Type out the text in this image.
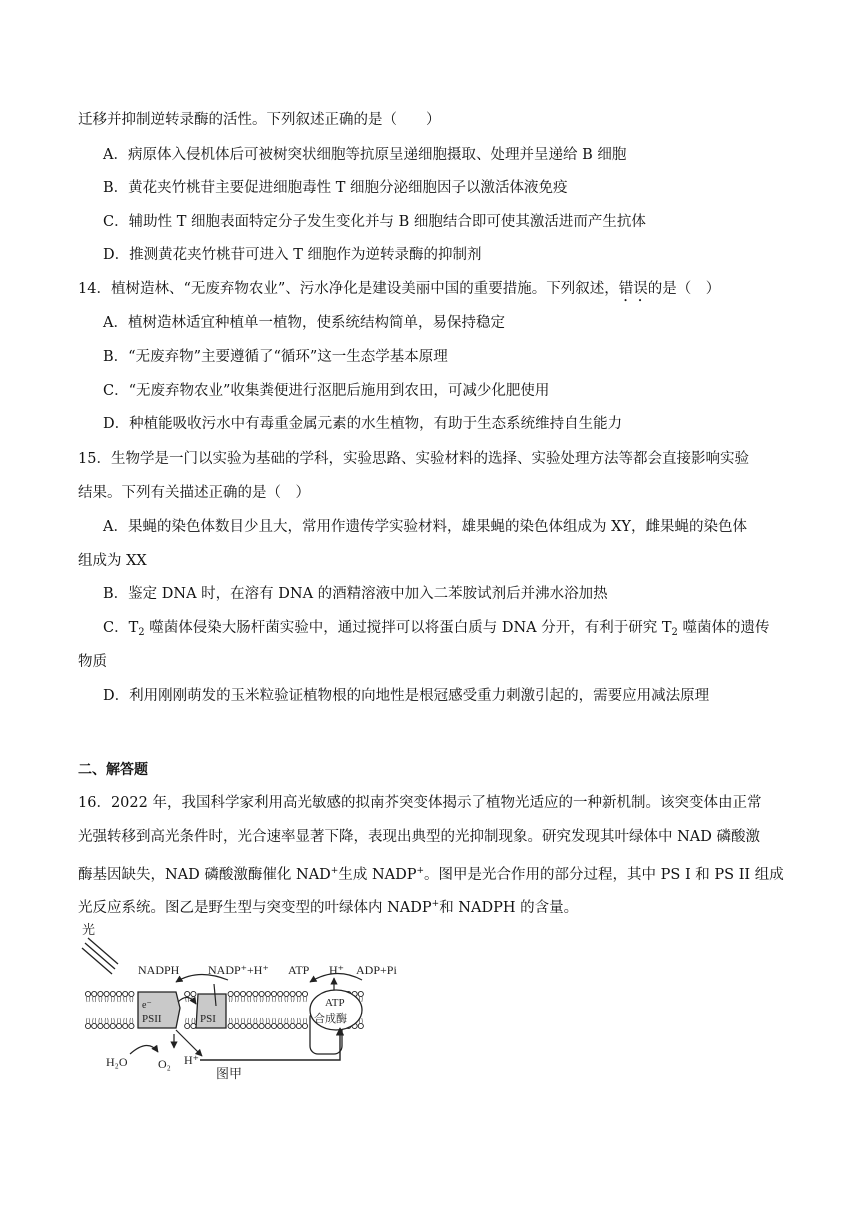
迁移并抑制逆转录酶的活性。下列叙述正确的是（　　）
A．病原体入侵机体后可被树突状细胞等抗原呈递细胞摄取、处理并呈递给 B 细胞
B．黄花夹竹桃苷主要促进细胞毒性 T 细胞分泌细胞因子以激活体液免疫
C．辅助性 T 细胞表面特定分子发生变化并与 B 细胞结合即可使其激活进而产生抗体
D．推测黄花夹竹桃苷可进入 T 细胞作为逆转录酶的抑制剂
14．植树造林、“无废弃物农业”、污水净化是建设美丽中国的重要措施。下列叙述，错误的是（　）
A．植树造林适宜种植单一植物，使系统结构简单，易保持稳定
B．“无废弃物”主要遵循了“循环”这一生态学基本原理
C．“无废弃物农业”收集粪便进行沤肥后施用到农田，可减少化肥使用
D．种植能吸收污水中有毒重金属元素的水生植物，有助于生态系统维持自生能力
15．生物学是一门以实验为基础的学科，实验思路、实验材料的选择、实验处理方法等都会直接影响实验
结果。下列有关描述正确的是（　）
A．果蝇的染色体数目少且大，常用作遗传学实验材料，雄果蝇的染色体组成为 XY，雌果蝇的染色体
组成为 XX
B．鉴定 DNA 时，在溶有 DNA 的酒精溶液中加入二苯胺试剂后并沸水浴加热
C．$T_2$ 噬菌体侵染大肠杆菌实验中，通过搅拌可以将蛋白质与 DNA 分开，有利于研究 $T_2$ 噬菌体的遗传
物质
D．利用刚刚萌发的玉米粒验证植物根的向地性是根冠感受重力刺激引起的，需要应用减法原理
二、解答题
16．2022 年，我国科学家利用高光敏感的拟南芥突变体揭示了植物光适应的一种新机制。该突变体由正常
光强转移到高光条件时，光合速率显著下降，表现出典型的光抑制现象。研究发现其叶绿体中 NAD 磷酸激
酶基因缺失，NAD 磷酸激酶催化 NAD+生成 NADP+。图甲是光合作用的部分过程，其中 PS I 和 PS II 组成
光反应系统。图乙是野生型与突变型的叶绿体内 NADP+和 NADPH 的含量。
光
e⁻
PSII	PSI
ATP
合成酶
NADPH NADP⁺+H⁺ ATP H⁺ ADP+Pi
H₂O	O₂ H⁺
图甲
